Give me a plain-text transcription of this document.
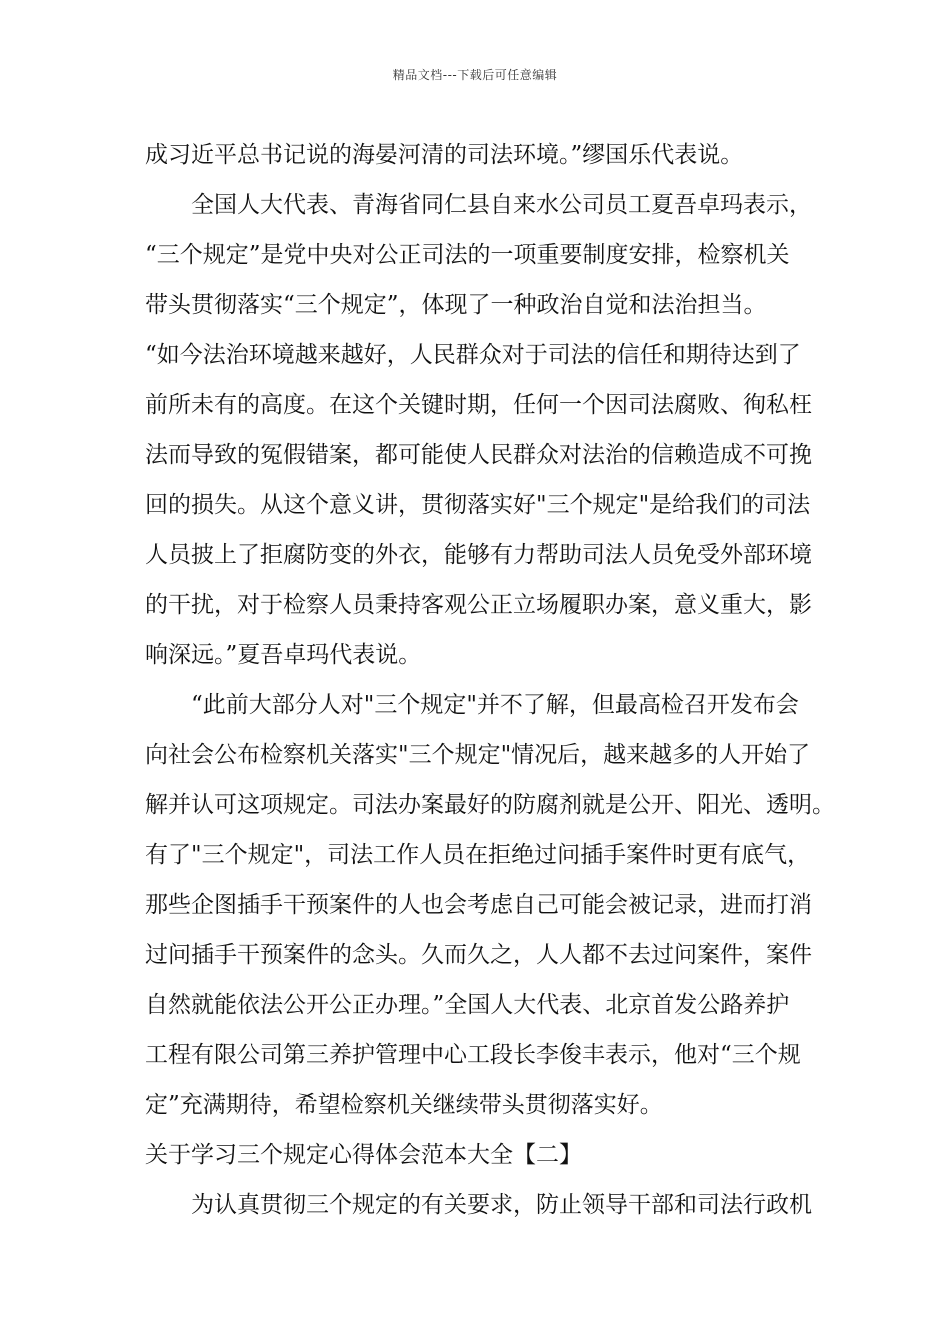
精品文档---下载后可任意编辑
成习近平总书记说的海晏河清的司法环境。”缪国乐代表说。
全国人大代表、青海省同仁县自来水公司员工夏吾卓玛表示，
“三个规定”是党中央对公正司法的一项重要制度安排，检察机关
带头贯彻落实“三个规定”，体现了一种政治自觉和法治担当。
“如今法治环境越来越好，人民群众对于司法的信任和期待达到了
前所未有的高度。在这个关键时期，任何一个因司法腐败、徇私枉
法而导致的冤假错案，都可能使人民群众对法治的信赖造成不可挽
回的损失。从这个意义讲，贯彻落实好"三个规定"是给我们的司法
人员披上了拒腐防变的外衣，能够有力帮助司法人员免受外部环境
的干扰，对于检察人员秉持客观公正立场履职办案，意义重大，影
响深远。”夏吾卓玛代表说。
“此前大部分人对"三个规定"并不了解，但最高检召开发布会
向社会公布检察机关落实"三个规定"情况后，越来越多的人开始了
解并认可这项规定。司法办案最好的防腐剂就是公开、阳光、透明。
有了"三个规定"，司法工作人员在拒绝过问插手案件时更有底气，
那些企图插手干预案件的人也会考虑自己可能会被记录，进而打消
过问插手干预案件的念头。久而久之，人人都不去过问案件，案件
自然就能依法公开公正办理。”全国人大代表、北京首发公路养护
工程有限公司第三养护管理中心工段长李俊丰表示，他对“三个规
定”充满期待，希望检察机关继续带头贯彻落实好。
关于学习三个规定心得体会范本大全【二】
为认真贯彻三个规定的有关要求，防止领导干部和司法行政机
